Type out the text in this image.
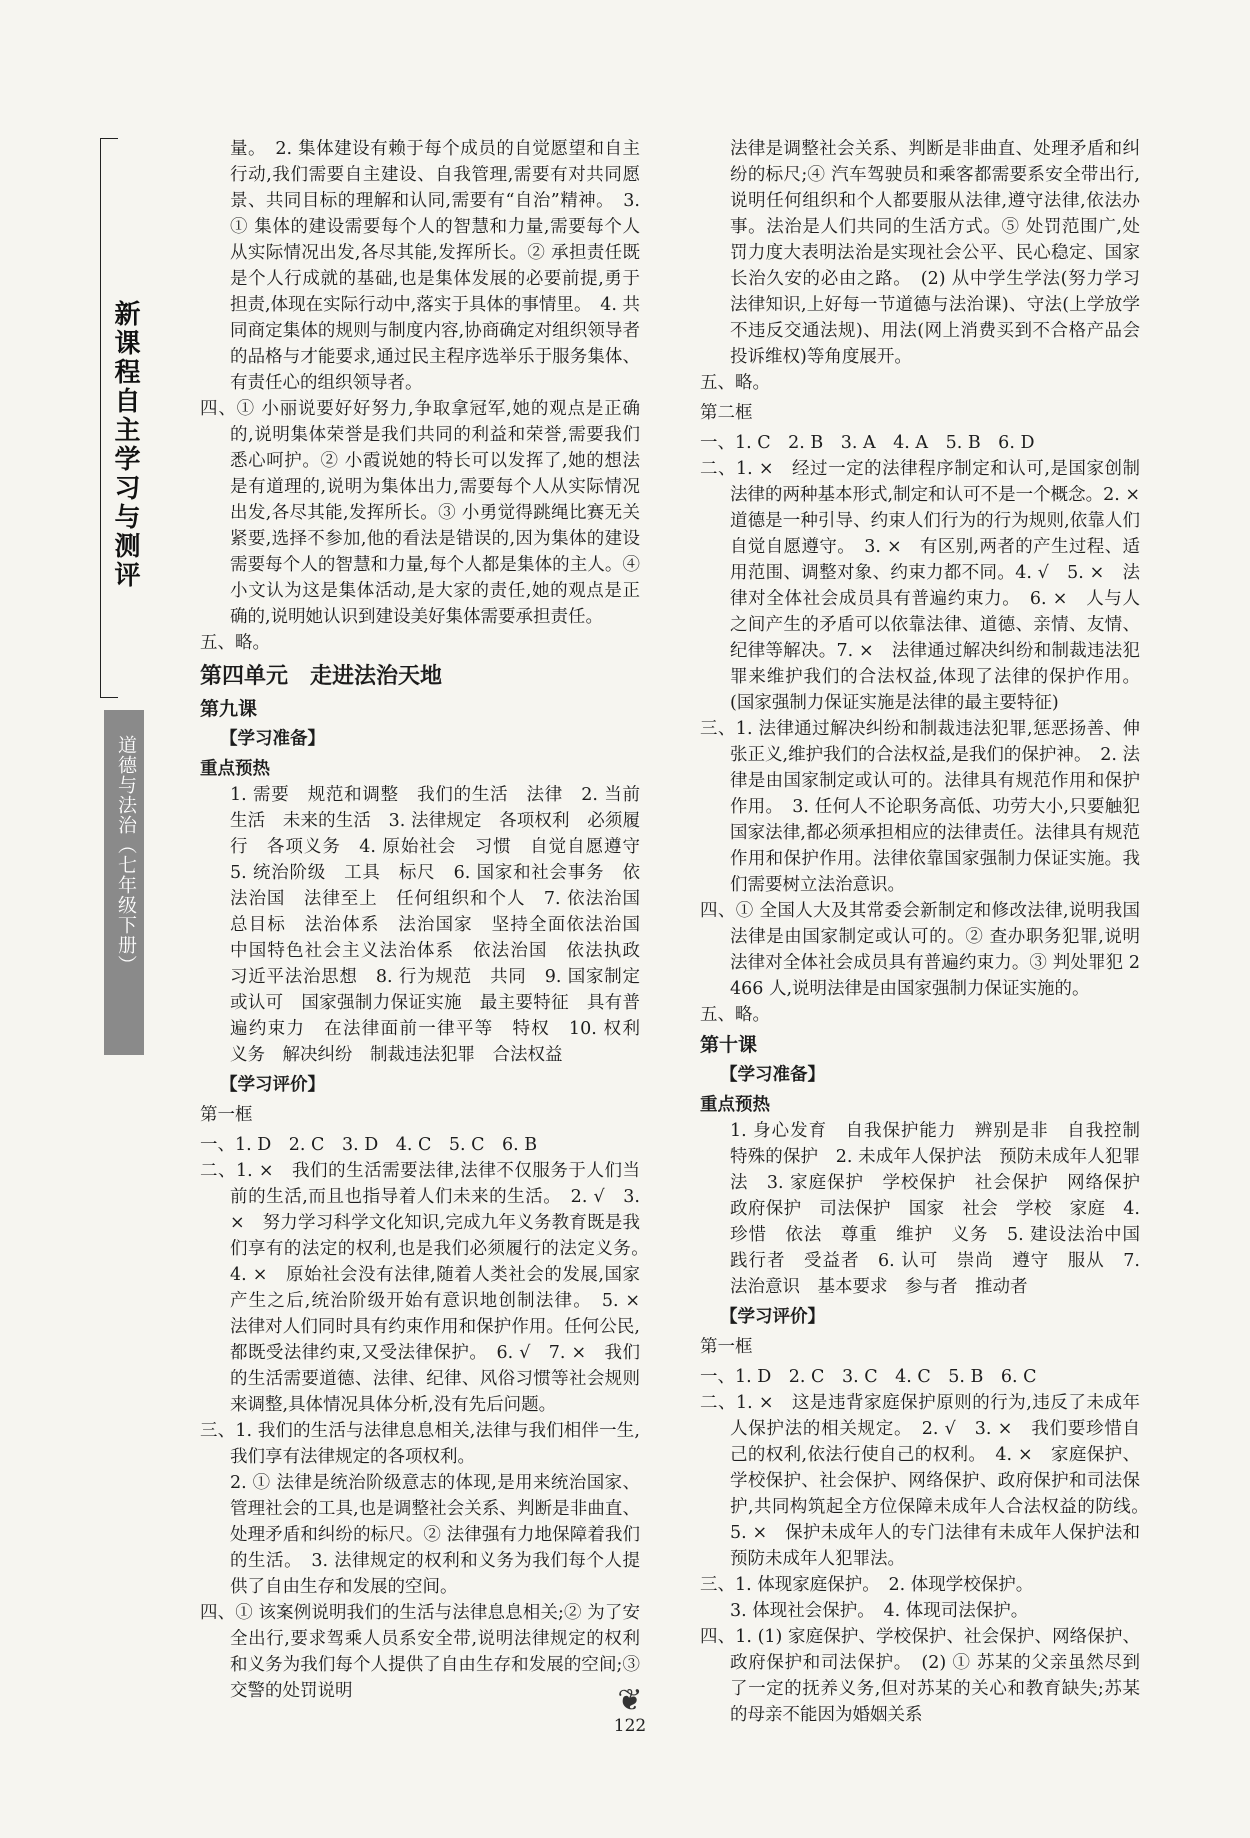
新课程自主学习与测评
道德与法治（七年级下册）

量。　2. 集体建设有赖于每个成员的自觉愿望和自主行动,我们需要自主建设、自我管理,需要有对共同愿景、共同目标的理解和认同,需要有“自治”精神。　3. ① 集体的建设需要每个人的智慧和力量,需要每个人从实际情况出发,各尽其能,发挥所长。② 承担责任既是个人行成就的基础,也是集体发展的必要前提,勇于担责,体现在实际行动中,落实于具体的事情里。　4. 共同商定集体的规则与制度内容,协商确定对组织领导者的品格与才能要求,通过民主程序选举乐于服务集体、有责任心的组织领导者。

四、① 小丽说要好好努力,争取拿冠军,她的观点是正确的,说明集体荣誉是我们共同的利益和荣誉,需要我们悉心呵护。② 小霞说她的特长可以发挥了,她的想法是有道理的,说明为集体出力,需要每个人从实际情况出发,各尽其能,发挥所长。③ 小勇觉得跳绳比赛无关紧要,选择不参加,他的看法是错误的,因为集体的建设需要每个人的智慧和力量,每个人都是集体的主人。④ 小文认为这是集体活动,是大家的责任,她的观点是正确的,说明她认识到建设美好集体需要承担责任。

五、略。

第四单元　走进法治天地

第九课

【学习准备】

重点预热

1. 需要　规范和调整　我们的生活　法律　2. 当前生活　未来的生活　3. 法律规定　各项权利　必须履行　各项义务　4. 原始社会　习惯　自觉自愿遵守　5. 统治阶级　工具　标尺　6. 国家和社会事务　依法治国　法律至上　任何组织和个人　7. 依法治国　总目标　法治体系　法治国家　坚持全面依法治国　中国特色社会主义法治体系　依法治国　依法执政　习近平法治思想　8. 行为规范　共同　9. 国家制定或认可　国家强制力保证实施　最主要特征　具有普遍约束力　在法律面前一律平等　特权　10. 权利　义务　解决纠纷　制裁违法犯罪　合法权益

【学习评价】

第一框

一、1. D　2. C　3. D　4. C　5. C　6. B

二、1. ×　我们的生活需要法律,法律不仅服务于人们当前的生活,而且也指导着人们未来的生活。　2. √　3. ×　努力学习科学文化知识,完成九年义务教育既是我们享有的法定的权利,也是我们必须履行的法定义务。　4. ×　原始社会没有法律,随着人类社会的发展,国家产生之后,统治阶级开始有意识地创制法律。　5. ×　法律对人们同时具有约束作用和保护作用。任何公民,都既受法律约束,又受法律保护。　6. √　7. ×　我们的生活需要道德、法律、纪律、风俗习惯等社会规则来调整,具体情况具体分析,没有先后问题。

三、1. 我们的生活与法律息息相关,法律与我们相伴一生,我们享有法律规定的各项权利。

2. ① 法律是统治阶级意志的体现,是用来统治国家、管理社会的工具,也是调整社会关系、判断是非曲直、处理矛盾和纠纷的标尺。② 法律强有力地保障着我们的生活。　3. 法律规定的权利和义务为我们每个人提供了自由生存和发展的空间。

四、① 该案例说明我们的生活与法律息息相关;② 为了安全出行,要求驾乘人员系安全带,说明法律规定的权利和义务为我们每个人提供了自由生存和发展的空间;③ 交警的处罚说明

法律是调整社会关系、判断是非曲直、处理矛盾和纠纷的标尺;④ 汽车驾驶员和乘客都需要系安全带出行,说明任何组织和个人都要服从法律,遵守法律,依法办事。法治是人们共同的生活方式。⑤ 处罚范围广,处罚力度大表明法治是实现社会公平、民心稳定、国家长治久安的必由之路。　(2) 从中学生学法(努力学习法律知识,上好每一节道德与法治课)、守法(上学放学不违反交通法规)、用法(网上消费买到不合格产品会投诉维权)等角度展开。

五、略。

第二框

一、1. C　2. B　3. A　4. A　5. B　6. D

二、1. ×　经过一定的法律程序制定和认可,是国家创制法律的两种基本形式,制定和认可不是一个概念。2. ×　道德是一种引导、约束人们行为的行为规则,依靠人们自觉自愿遵守。　3. ×　有区别,两者的产生过程、适用范围、调整对象、约束力都不同。4. √　5. ×　法律对全体社会成员具有普遍约束力。　6. ×　人与人之间产生的矛盾可以依靠法律、道德、亲情、友情、纪律等解决。7. ×　法律通过解决纠纷和制裁违法犯罪来维护我们的合法权益,体现了法律的保护作用。(国家强制力保证实施是法律的最主要特征)

三、1. 法律通过解决纠纷和制裁违法犯罪,惩恶扬善、伸张正义,维护我们的合法权益,是我们的保护神。　2. 法律是由国家制定或认可的。法律具有规范作用和保护作用。　3. 任何人不论职务高低、功劳大小,只要触犯国家法律,都必须承担相应的法律责任。法律具有规范作用和保护作用。法律依靠国家强制力保证实施。我们需要树立法治意识。

四、① 全国人大及其常委会新制定和修改法律,说明我国法律是由国家制定或认可的。② 查办职务犯罪,说明法律对全体社会成员具有普遍约束力。③ 判处罪犯 2 466 人,说明法律是由国家强制力保证实施的。

五、略。

第十课

【学习准备】

重点预热

1. 身心发育　自我保护能力　辨别是非　自我控制　特殊的保护　2. 未成年人保护法　预防未成年人犯罪法　3. 家庭保护　学校保护　社会保护　网络保护　政府保护　司法保护　国家　社会　学校　家庭　4. 珍惜　依法　尊重　维护　义务　5. 建设法治中国　践行者　受益者　6. 认可　崇尚　遵守　服从　7. 法治意识　基本要求　参与者　推动者

【学习评价】

第一框

一、1. D　2. C　3. C　4. C　5. B　6. C

二、1. ×　这是违背家庭保护原则的行为,违反了未成年人保护法的相关规定。　2. √　3. ×　我们要珍惜自己的权利,依法行使自己的权利。　4. ×　家庭保护、学校保护、社会保护、网络保护、政府保护和司法保护,共同构筑起全方位保障未成年人合法权益的防线。　5. ×　保护未成年人的专门法律有未成年人保护法和预防未成年人犯罪法。

三、1. 体现家庭保护。　2. 体现学校保护。

3. 体现社会保护。　4. 体现司法保护。

四、1. (1) 家庭保护、学校保护、社会保护、网络保护、政府保护和司法保护。　(2) ① 苏某的父亲虽然尽到了一定的抚养义务,但对苏某的关心和教育缺失;苏某的母亲不能因为婚姻关系

❦
122
